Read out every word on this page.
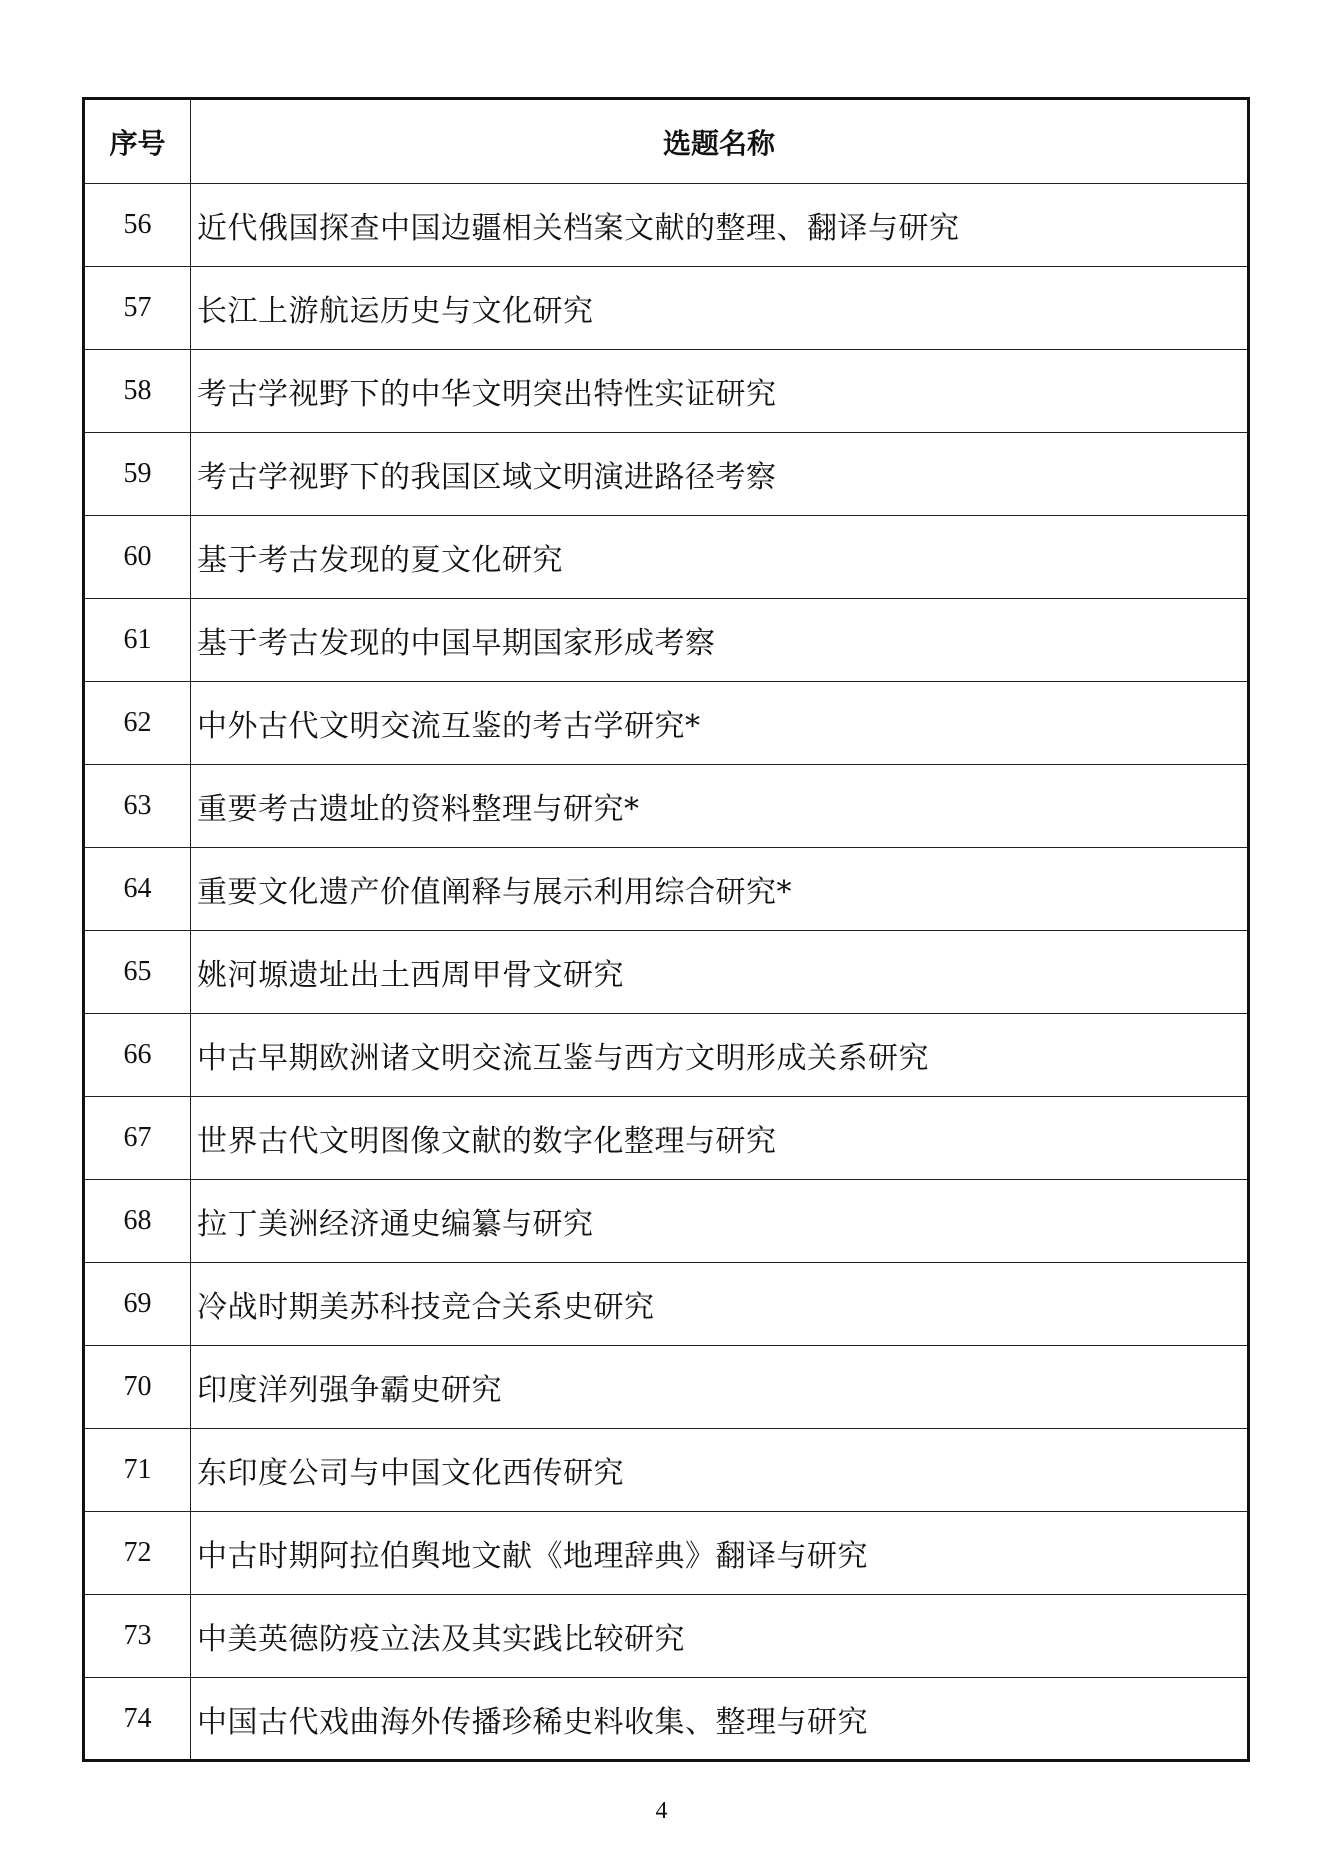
序号	选题名称
56	近代俄国探查中国边疆相关档案文献的整理、翻译与研究
57	长江上游航运历史与文化研究
58	考古学视野下的中华文明突出特性实证研究
59	考古学视野下的我国区域文明演进路径考察
60	基于考古发现的夏文化研究
61	基于考古发现的中国早期国家形成考察
62	中外古代文明交流互鉴的考古学研究*
63	重要考古遗址的资料整理与研究*
64	重要文化遗产价值阐释与展示利用综合研究*
65	姚河塬遗址出土西周甲骨文研究
66	中古早期欧洲诸文明交流互鉴与西方文明形成关系研究
67	世界古代文明图像文献的数字化整理与研究
68	拉丁美洲经济通史编纂与研究
69	冷战时期美苏科技竞合关系史研究
70	印度洋列强争霸史研究
71	东印度公司与中国文化西传研究
72	中古时期阿拉伯舆地文献《地理辞典》翻译与研究
73	中美英德防疫立法及其实践比较研究
74	中国古代戏曲海外传播珍稀史料收集、整理与研究
4
